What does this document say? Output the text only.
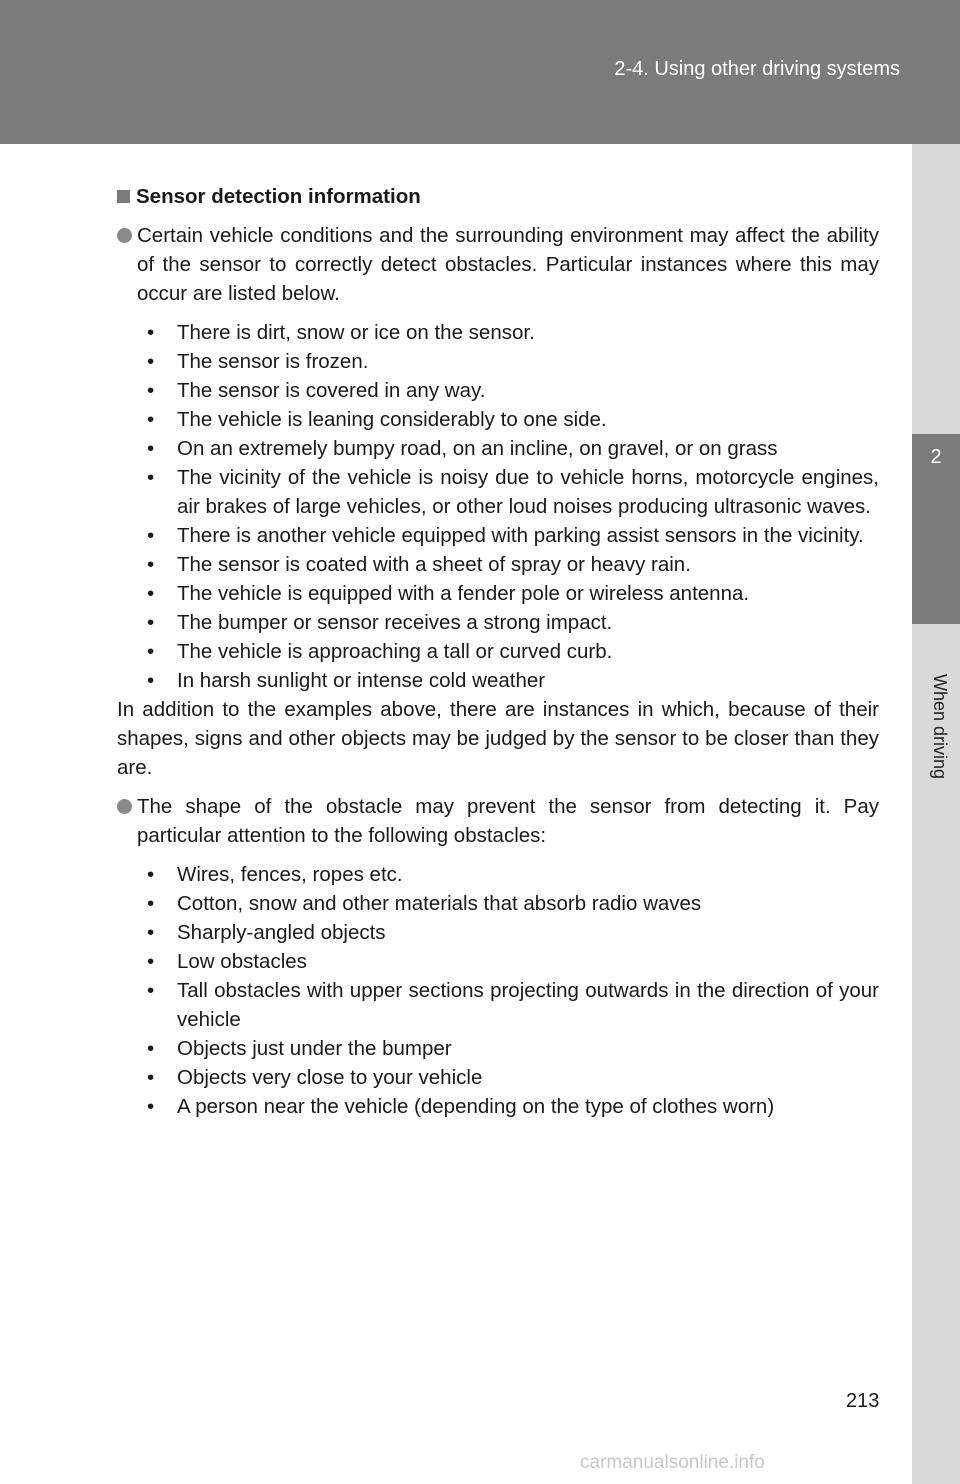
2-4. Using other driving systems
2
When driving
Sensor detection information
Certain vehicle conditions and the surrounding environment may affect the ability of the sensor to correctly detect obstacles. Particular instances where this may occur are listed below.
•	There is dirt, snow or ice on the sensor.
•	The sensor is frozen.
•	The sensor is covered in any way.
•	The vehicle is leaning considerably to one side.
•	On an extremely bumpy road, on an incline, on gravel, or on grass
•	The vicinity of the vehicle is noisy due to vehicle horns, motorcycle engines, air brakes of large vehicles, or other loud noises producing ultrasonic waves.
•	There is another vehicle equipped with parking assist sensors in the vicinity.
•	The sensor is coated with a sheet of spray or heavy rain.
•	The vehicle is equipped with a fender pole or wireless antenna.
•	The bumper or sensor receives a strong impact.
•	The vehicle is approaching a tall or curved curb.
•	In harsh sunlight or intense cold weather
In addition to the examples above, there are instances in which, because of their shapes, signs and other objects may be judged by the sensor to be closer than they are.
The shape of the obstacle may prevent the sensor from detecting it. Pay particular attention to the following obstacles:
•	Wires, fences, ropes etc.
•	Cotton, snow and other materials that absorb radio waves
•	Sharply-angled objects
•	Low obstacles
•	Tall obstacles with upper sections projecting outwards in the direction of your vehicle
•	Objects just under the bumper
•	Objects very close to your vehicle
•	A person near the vehicle (depending on the type of clothes worn)
213
carmanualsonline.info
